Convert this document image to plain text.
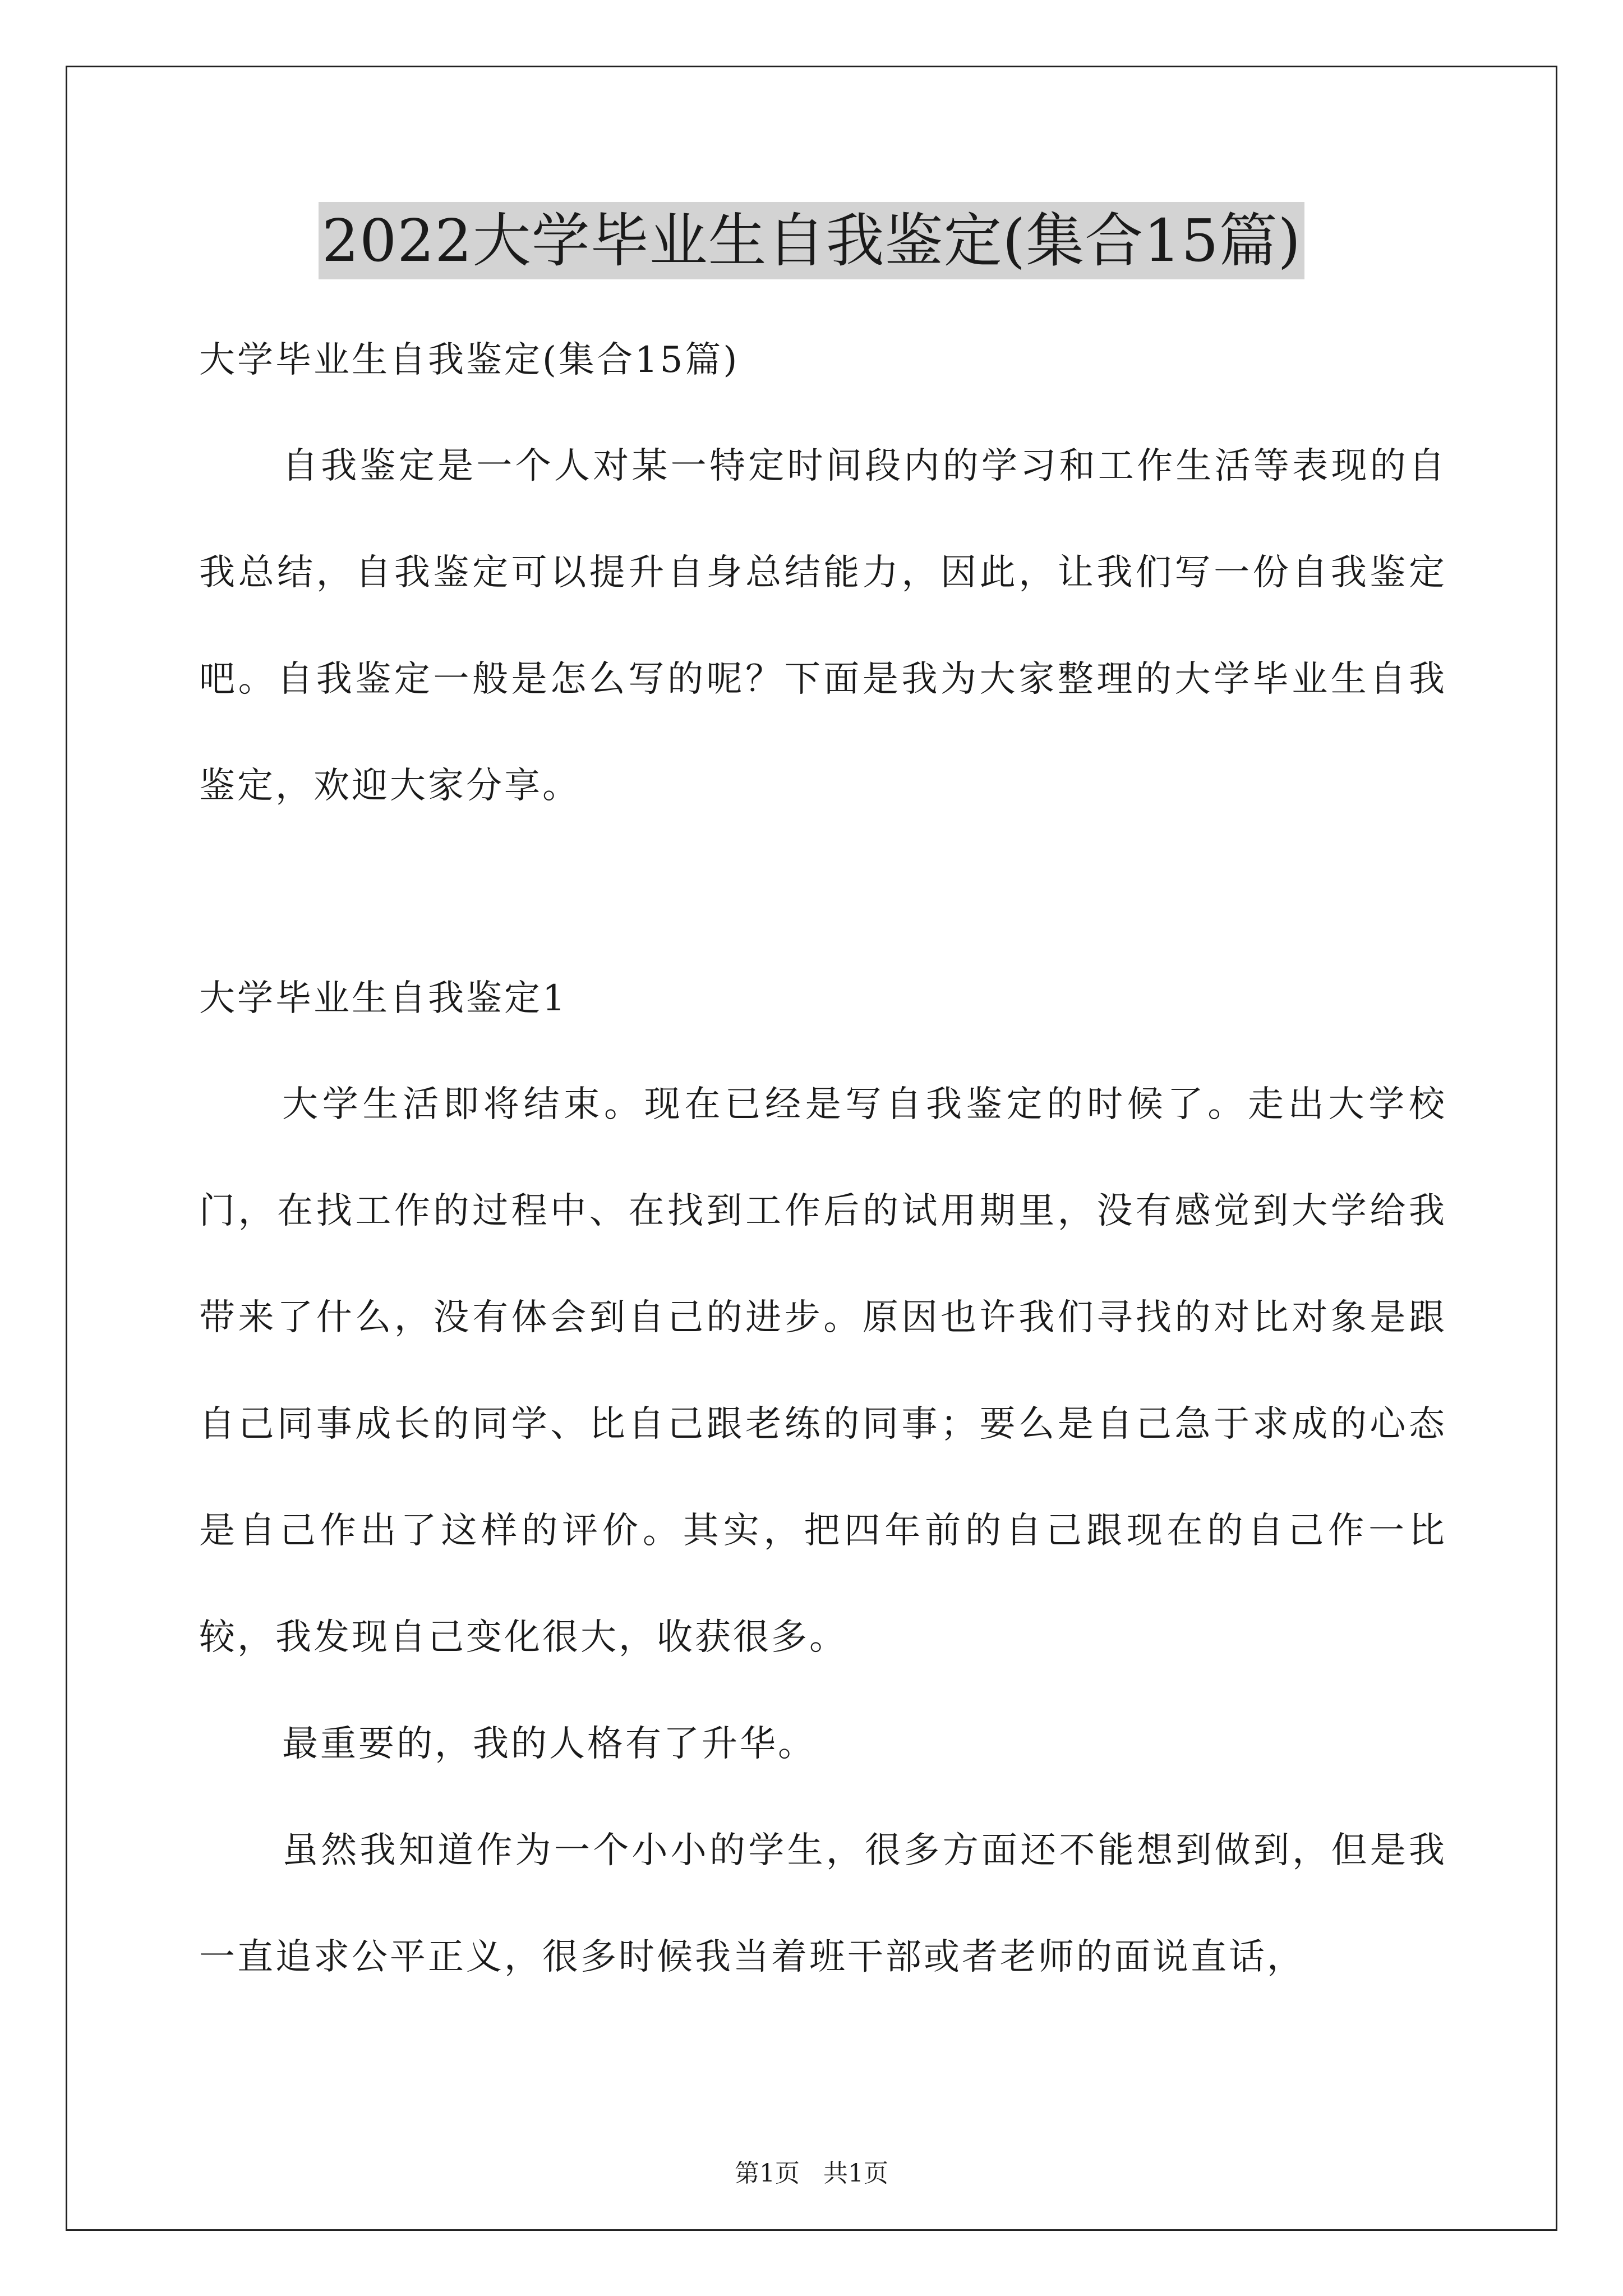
2022大学毕业生自我鉴定(集合15篇)

大学毕业生自我鉴定(集合15篇)

自我鉴定是一个人对某一特定时间段内的学习和工作生活等表现的自我总结，自我鉴定可以提升自身总结能力，因此，让我们写一份自我鉴定吧。自我鉴定一般是怎么写的呢？下面是我为大家整理的大学毕业生自我鉴定，欢迎大家分享。

大学毕业生自我鉴定1

大学生活即将结束。现在已经是写自我鉴定的时候了。走出大学校门，在找工作的过程中、在找到工作后的试用期里，没有感觉到大学给我带来了什么，没有体会到自己的进步。原因也许我们寻找的对比对象是跟自己同事成长的同学、比自己跟老练的同事；要么是自己急于求成的心态是自己作出了这样的评价。其实，把四年前的自己跟现在的自己作一比较，我发现自己变化很大，收获很多。

最重要的，我的人格有了升华。

虽然我知道作为一个小小的学生，很多方面还不能想到做到，但是我一直追求公平正义，很多时候我当着班干部或者老师的面说直话，

第1页   共1页
